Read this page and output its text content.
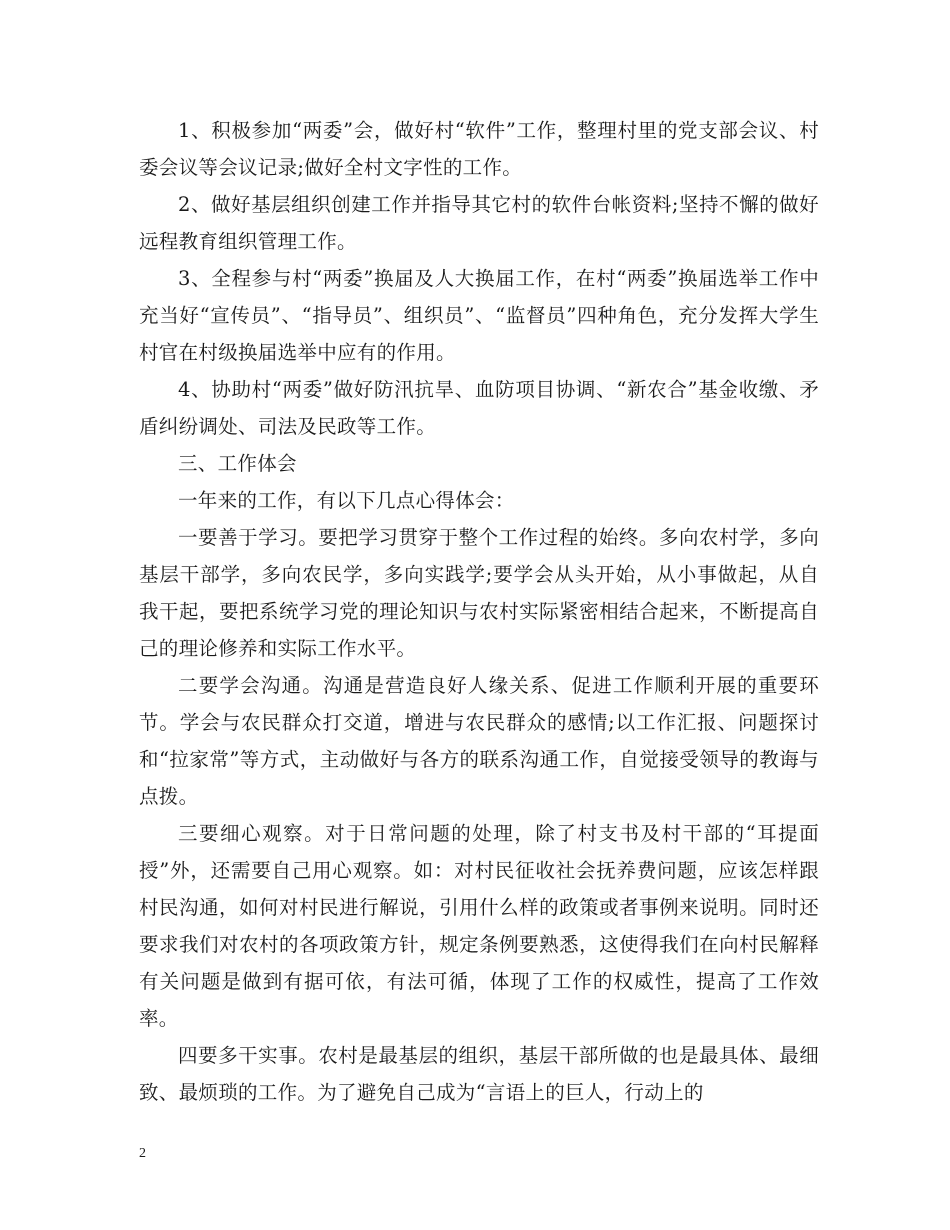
1、积极参加“两委”会，做好村“软件”工作，整理村里的党支部会议、村委会议等会议记录;做好全村文字性的工作。

2、做好基层组织创建工作并指导其它村的软件台帐资料;坚持不懈的做好远程教育组织管理工作。

3、全程参与村“两委”换届及人大换届工作，在村“两委”换届选举工作中充当好“宣传员”、“指导员”、组织员”、“监督员”四种角色，充分发挥大学生村官在村级换届选举中应有的作用。

4、协助村“两委”做好防汛抗旱、血防项目协调、“新农合”基金收缴、矛盾纠纷调处、司法及民政等工作。

三、工作体会

一年来的工作，有以下几点心得体会：

一要善于学习。要把学习贯穿于整个工作过程的始终。多向农村学，多向基层干部学，多向农民学，多向实践学;要学会从头开始，从小事做起，从自我干起，要把系统学习党的理论知识与农村实际紧密相结合起来，不断提高自己的理论修养和实际工作水平。

二要学会沟通。沟通是营造良好人缘关系、促进工作顺利开展的重要环节。学会与农民群众打交道，增进与农民群众的感情;以工作汇报、问题探讨和“拉家常”等方式，主动做好与各方的联系沟通工作，自觉接受领导的教诲与点拨。

三要细心观察。对于日常问题的处理，除了村支书及村干部的“耳提面授”外，还需要自己用心观察。如：对村民征收社会抚养费问题，应该怎样跟村民沟通，如何对村民进行解说，引用什么样的政策或者事例来说明。同时还要求我们对农村的各项政策方针，规定条例要熟悉，这使得我们在向村民解释有关问题是做到有据可依，有法可循，体现了工作的权威性，提高了工作效率。

四要多干实事。农村是最基层的组织，基层干部所做的也是最具体、最细致、最烦琐的工作。为了避免自己成为“言语上的巨人，行动上的

2
